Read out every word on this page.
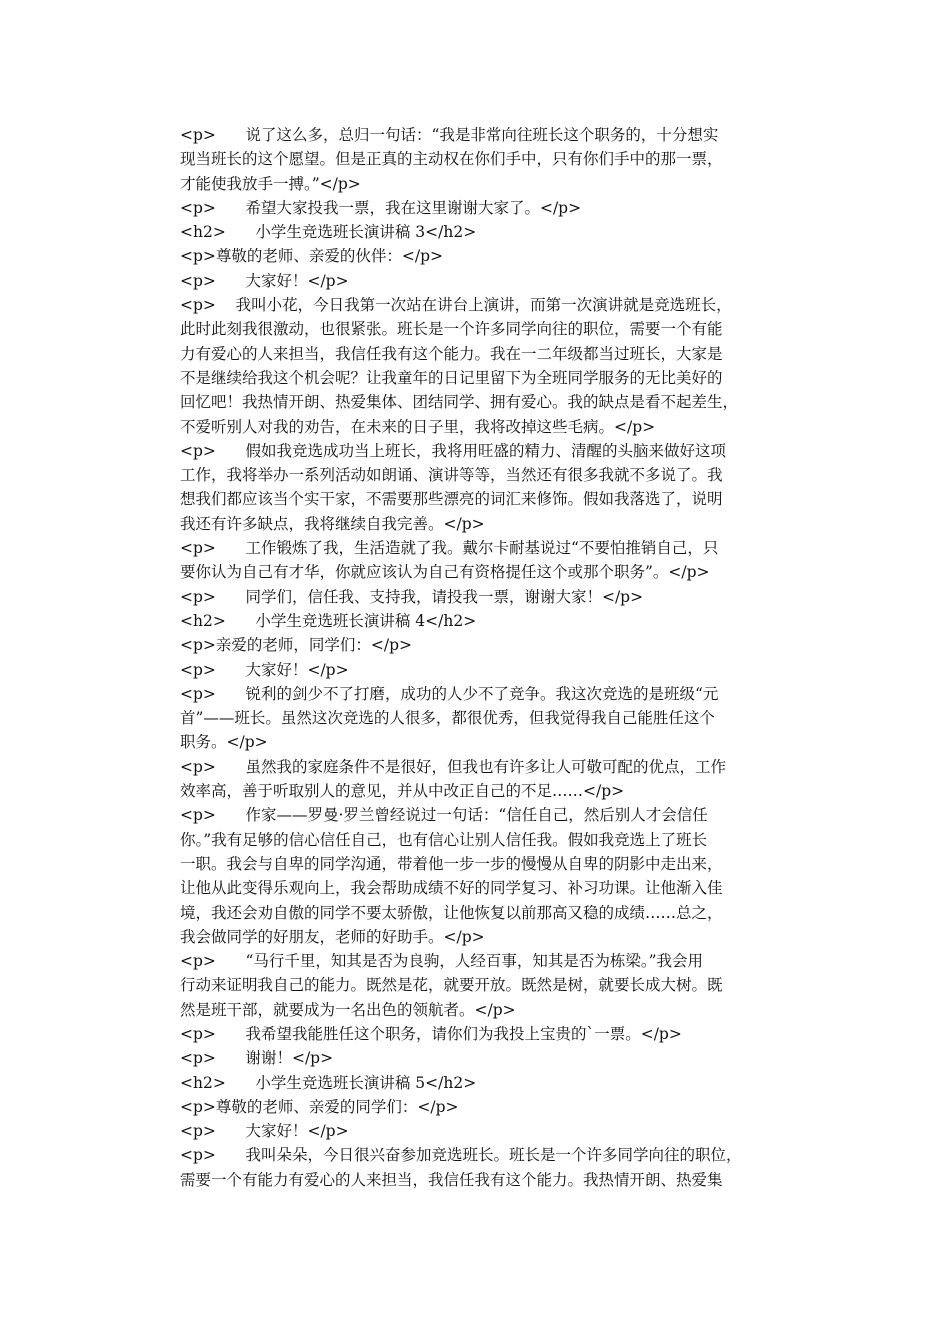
<p>      说了这么多，总归一句话：“我是非常向往班长这个职务的，十分想实
现当班长的这个愿望。但是正真的主动权在你们手中，只有你们手中的那一票，
才能使我放手一搏。”</p>
<p>      希望大家投我一票，我在这里谢谢大家了。</p>
<h2>      小学生竞选班长演讲稿 3</h2>
<p>尊敬的老师、亲爱的伙伴：</p>
<p>      大家好！</p>
<p>    我叫小花，今日我第一次站在讲台上演讲，而第一次演讲就是竞选班长，
此时此刻我很激动，也很紧张。班长是一个许多同学向往的职位，需要一个有能
力有爱心的人来担当，我信任我有这个能力。我在一二年级都当过班长，大家是
不是继续给我这个机会呢？让我童年的日记里留下为全班同学服务的无比美好的
回忆吧！我热情开朗、热爱集体、团结同学、拥有爱心。我的缺点是看不起差生，
不爱听别人对我的劝告，在未来的日子里，我将改掉这些毛病。</p>
<p>      假如我竞选成功当上班长，我将用旺盛的精力、清醒的头脑来做好这项
工作，我将举办一系列活动如朗诵、演讲等等，当然还有很多我就不多说了。我
想我们都应该当个实干家，不需要那些漂亮的词汇来修饰。假如我落选了，说明
我还有许多缺点，我将继续自我完善。</p>
<p>      工作锻炼了我，生活造就了我。戴尔卡耐基说过“不要怕推销自己，只
要你认为自己有才华，你就应该认为自己有资格提任这个或那个职务”。</p>
<p>      同学们，信任我、支持我，请投我一票，谢谢大家！</p>
<h2>      小学生竞选班长演讲稿 4</h2>
<p>亲爱的老师，同学们：</p>
<p>      大家好！</p>
<p>      锐利的剑少不了打磨，成功的人少不了竞争。我这次竞选的是班级“元
首”——班长。虽然这次竞选的人很多，都很优秀，但我觉得我自己能胜任这个
职务。</p>
<p>      虽然我的家庭条件不是很好，但我也有许多让人可敬可配的优点，工作
效率高，善于听取别人的意见，并从中改正自己的不足……</p>
<p>      作家——罗曼·罗兰曾经说过一句话：“信任自己，然后别人才会信任
你。”我有足够的信心信任自己，也有信心让别人信任我。假如我竞选上了班长
一职。我会与自卑的同学沟通，带着他一步一步的慢慢从自卑的阴影中走出来，
让他从此变得乐观向上，我会帮助成绩不好的同学复习、补习功课。让他渐入佳
境，我还会劝自傲的同学不要太骄傲，让他恢复以前那高又稳的成绩……总之，
我会做同学的好朋友，老师的好助手。</p>
<p>      “马行千里，知其是否为良驹，人经百事，知其是否为栋梁。”我会用
行动来证明我自己的能力。既然是花，就要开放。既然是树，就要长成大树。既
然是班干部，就要成为一名出色的领航者。</p>
<p>      我希望我能胜任这个职务，请你们为我投上宝贵的`一票。</p>
<p>      谢谢！</p>
<h2>      小学生竞选班长演讲稿 5</h2>
<p>尊敬的老师、亲爱的同学们：</p>
<p>      大家好！</p>
<p>      我叫朵朵，今日很兴奋参加竞选班长。班长是一个许多同学向往的职位，
需要一个有能力有爱心的人来担当，我信任我有这个能力。我热情开朗、热爱集
